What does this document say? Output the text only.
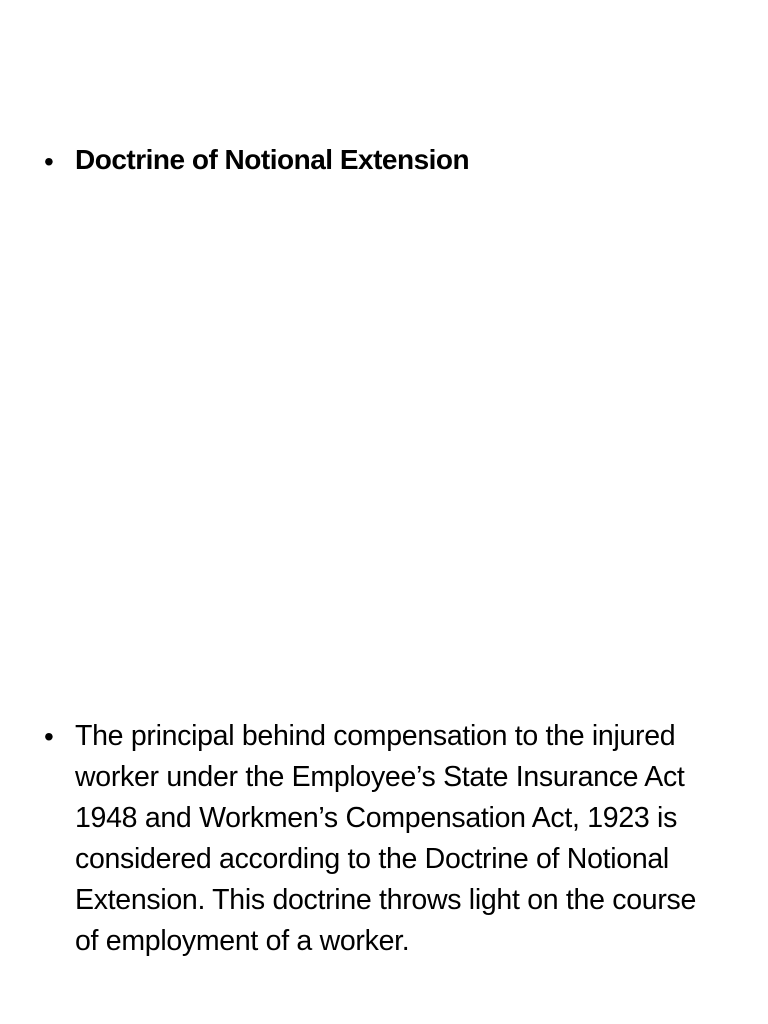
• Doctrine of Notional Extension
• The principal behind compensation to the injured worker under the Employee’s State Insurance Act 1948 and Workmen’s Compensation Act, 1923 is considered according to the Doctrine of Notional Extension. This doctrine throws light on the course of employment of a worker.
